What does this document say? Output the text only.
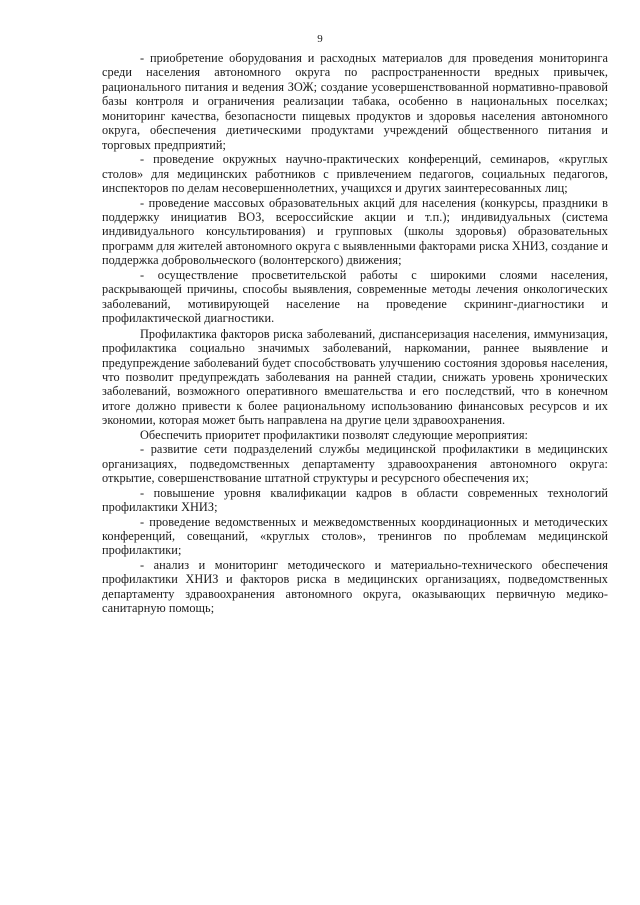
9

- приобретение оборудования и расходных материалов для проведения мониторинга среди населения автономного округа по распространенности вредных привычек, рационального питания и ведения ЗОЖ; создание усовершенствованной нормативно-правовой базы контроля и ограничения реализации табака, особенно в национальных поселках; мониторинг качества, безопасности пищевых продуктов и здоровья населения автономного округа, обеспечения диетическими продуктами учреждений общественного питания и торговых предприятий;

- проведение окружных научно-практических конференций, семинаров, «круглых столов» для медицинских работников с привлечением педагогов, социальных педагогов, инспекторов по делам несовершеннолетних, учащихся и других заинтересованных лиц;

- проведение массовых образовательных акций для населения (конкурсы, праздники в поддержку инициатив ВОЗ, всероссийские акции и т.п.); индивидуальных (система индивидуального консультирования) и групповых (школы здоровья) образовательных программ для жителей автономного округа с выявленными факторами риска ХНИЗ, создание и поддержка добровольческого (волонтерского) движения;

- осуществление просветительской работы с широкими слоями населения, раскрывающей причины, способы выявления, современные методы лечения онкологических заболеваний, мотивирующей население на проведение скрининг-диагностики и профилактической диагностики.

Профилактика факторов риска заболеваний, диспансеризация населения, иммунизация, профилактика социально значимых заболеваний, наркомании, раннее выявление и предупреждение заболеваний будет способствовать улучшению состояния здоровья населения, что позволит предупреждать заболевания на ранней стадии, снижать уровень хронических заболеваний, возможного оперативного вмешательства и его последствий, что в конечном итоге должно привести к более рациональному использованию финансовых ресурсов и их экономии, которая может быть направлена на другие цели здравоохранения.

Обеспечить приоритет профилактики позволят следующие мероприятия:

- развитие сети подразделений службы медицинской профилактики в медицинских организациях, подведомственных департаменту здравоохранения автономного округа: открытие, совершенствование штатной структуры и ресурсного обеспечения их;

- повышение уровня квалификации кадров в области современных технологий профилактики ХНИЗ;

- проведение ведомственных и межведомственных координационных и методических конференций, совещаний, «круглых столов», тренингов по проблемам медицинской профилактики;

- анализ и мониторинг методического и материально-технического обеспечения профилактики ХНИЗ и факторов риска в медицинских организациях, подведомственных департаменту здравоохранения автономного округа, оказывающих первичную медико-санитарную помощь;
